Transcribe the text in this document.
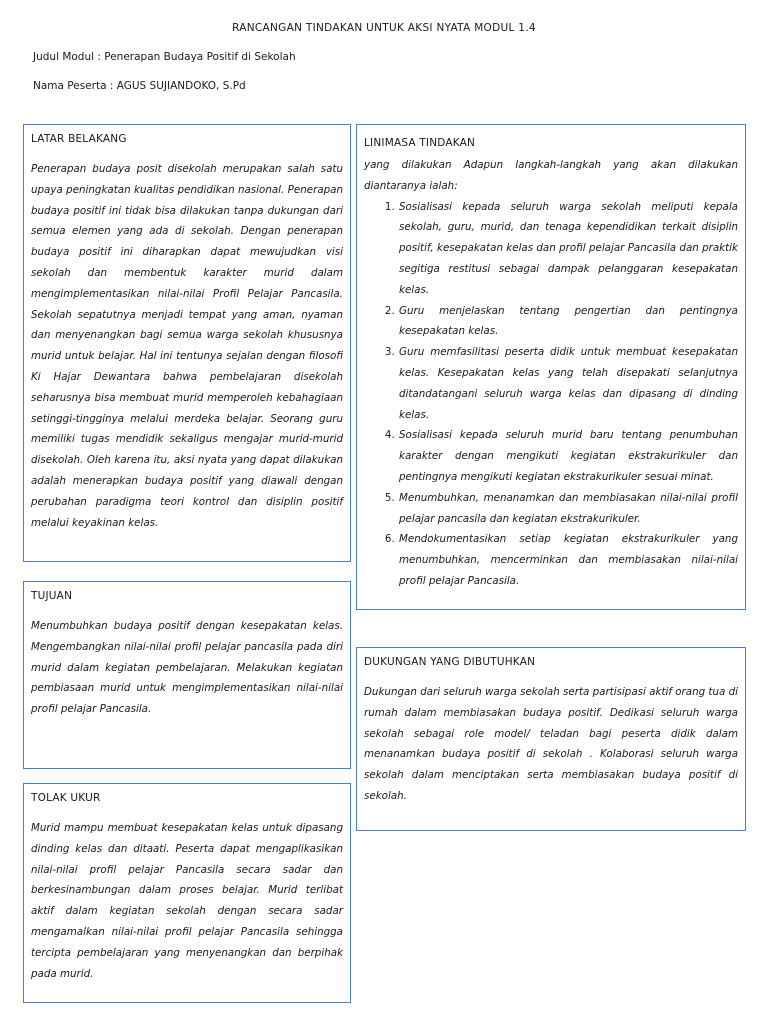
RANCANGAN TINDAKAN UNTUK AKSI NYATA MODUL 1.4
Judul Modul : Penerapan Budaya Positif di Sekolah
Nama Peserta : AGUS SUJIANDOKO, S.Pd
LATAR BELAKANG

Penerapan budaya posit disekolah merupakan salah satu upaya peningkatan kualitas pendidikan nasional. Penerapan budaya positif ini tidak bisa dilakukan tanpa dukungan dari semua elemen yang ada di sekolah. Dengan penerapan budaya positif ini diharapkan dapat mewujudkan visi sekolah dan membentuk karakter murid dalam mengimplementasikan nilai-nilai Profil Pelajar Pancasila. Sekolah sepatutnya menjadi tempat yang aman, nyaman dan menyenangkan bagi semua warga sekolah khususnya murid untuk belajar. Hal ini tentunya sejalan dengan filosofi Ki Hajar Dewantara bahwa pembelajaran disekolah seharusnya bisa membuat murid memperoleh kebahagiaan setinggi-tingginya melalui merdeka belajar. Seorang guru memiliki tugas mendidik sekaligus mengajar murid-murid disekolah. Oleh karena itu, aksi nyata yang dapat dilakukan adalah menerapkan budaya positif yang diawali dengan perubahan paradigma teori kontrol dan disiplin positif melalui keyakinan kelas.

TUJUAN

Menumbuhkan budaya positif dengan kesepakatan kelas. Mengembangkan nilai-nilai profil pelajar pancasila pada diri murid dalam kegiatan pembelajaran. Melakukan kegiatan pembiasaan murid untuk mengimplementasikan nilai-nilai profil pelajar Pancasila.

TOLAK UKUR

Murid mampu membuat kesepakatan kelas untuk dipasang dinding kelas dan ditaati. Peserta dapat mengaplikasikan nilai-nilai profil pelajar Pancasila secara sadar dan berkesinambungan dalam proses belajar. Murid terlibat aktif dalam kegiatan sekolah dengan secara sadar mengamalkan nilai-nilai profil pelajar Pancasila sehingga tercipta pembelajaran yang menyenangkan dan berpihak pada murid.

LINIMASA TINDAKAN

yang dilakukan Adapun langkah-langkah yang akan dilakukan diantaranya ialah:

1. Sosialisasi kepada seluruh warga sekolah meliputi kepala sekolah, guru, murid, dan tenaga kependidikan terkait disiplin positif, kesepakatan kelas dan profil pelajar Pancasila dan praktik segitiga restitusi sebagai dampak pelanggaran kesepakatan kelas.
2. Guru menjelaskan tentang pengertian dan pentingnya kesepakatan kelas.
3. Guru memfasilitasi peserta didik untuk membuat kesepakatan kelas. Kesepakatan kelas yang telah disepakati selanjutnya ditandatangani seluruh warga kelas dan dipasang di dinding kelas.
4. Sosialisasi kepada seluruh murid baru tentang penumbuhan karakter dengan mengikuti kegiatan ekstrakurikuler dan pentingnya mengikuti kegiatan ekstrakurikuler sesuai minat.
5. Menumbuhkan, menanamkan dan membiasakan nilai-nilai profil pelajar pancasila dan kegiatan ekstrakurikuler.
6. Mendokumentasikan setiap kegiatan ekstrakurikuler yang menumbuhkan, mencerminkan dan membiasakan nilai-nilai profil pelajar Pancasila.
DUKUNGAN YANG DIBUTUHKAN

Dukungan dari seluruh warga sekolah serta partisipasi aktif orang tua di rumah dalam membiasakan budaya positif. Dedikasi seluruh warga sekolah sebagai role model/ teladan bagi peserta didik dalam menanamkan budaya positif di sekolah . Kolaborasi seluruh warga sekolah dalam menciptakan serta membiasakan budaya positif di sekolah.
